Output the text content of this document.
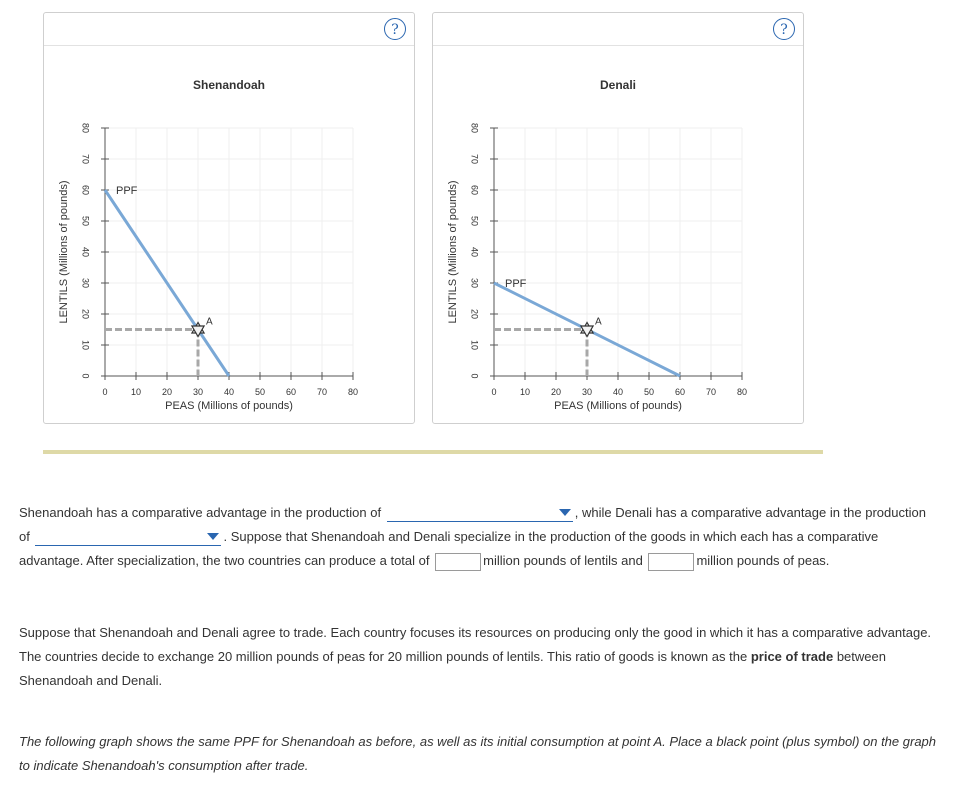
?
0	10 20 30 40 50 60 70 80
0
10
20
30
40
50
60
70
80
Shenandoah
PEAS (Millions of pounds)
LENTILS (Millions of pounds)	PPF
A
?
0	10 20 30 40 50 60 70 80
0
10
20
30
40
50
60
70
80
Denali
PEAS (Millions of pounds)
LENTILS (Millions of pounds)	PPF
A
Shenandoah has a comparative advantage in the production of	, while Denali has a comparative advantage in the production of	. Suppose that Shenandoah and Denali specialize in the production of the goods in which each has a comparative advantage. After specialization, the two countries can produce a total of	million pounds of lentils and	million pounds of peas.
Suppose that Shenandoah and Denali agree to trade. Each country focuses its resources on producing only the good in which it has a comparative advantage. The countries decide to exchange 20 million pounds of peas for 20 million pounds of lentils. This ratio of goods is known as the price of trade between Shenandoah and Denali.
The following graph shows the same PPF for Shenandoah as before, as well as its initial consumption at point A. Place a black point (plus symbol) on the graph to indicate Shenandoah's consumption after trade.
